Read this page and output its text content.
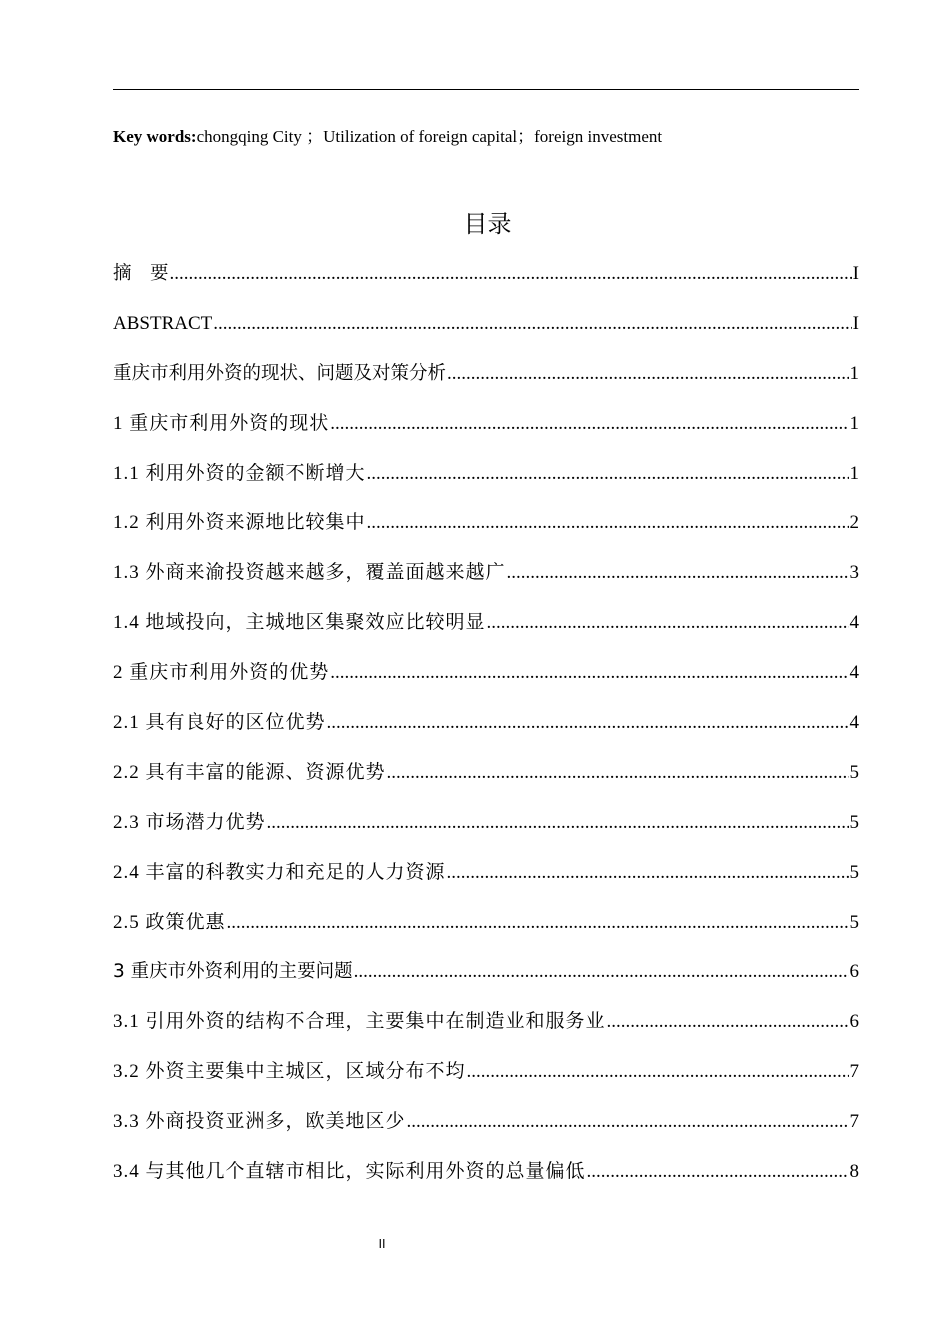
Key words:chongqing City ；Utilization of foreign capital；foreign investment
目录
摘　要 .....	I
ABSTRACT .....	I
重庆市利用外资的现状、问题及对策分析 .....	1
1 重庆市利用外资的现状 .....	1
1.1 利用外资的金额不断增大 .....	1
1.2 利用外资来源地比较集中 .....	2
1.3 外商来渝投资越来越多，覆盖面越来越广 .....	3
1.4 地域投向，主城地区集聚效应比较明显 .....	4
2 重庆市利用外资的优势 .....	4
2.1 具有良好的区位优势 .....	4
2.2 具有丰富的能源、资源优势 .....	5
2.3 市场潜力优势 .....	5
2.4 丰富的科教实力和充足的人力资源 .....	5
2.5 政策优惠 .....	5
3 重庆市外资利用的主要问题 .....	6
3.1 引用外资的结构不合理，主要集中在制造业和服务业 .....	6
3.2 外资主要集中主城区，区域分布不均 .....	7
3.3 外商投资亚洲多，欧美地区少 .....	7
3.4 与其他几个直辖市相比，实际利用外资的总量偏低 .....	8
II
